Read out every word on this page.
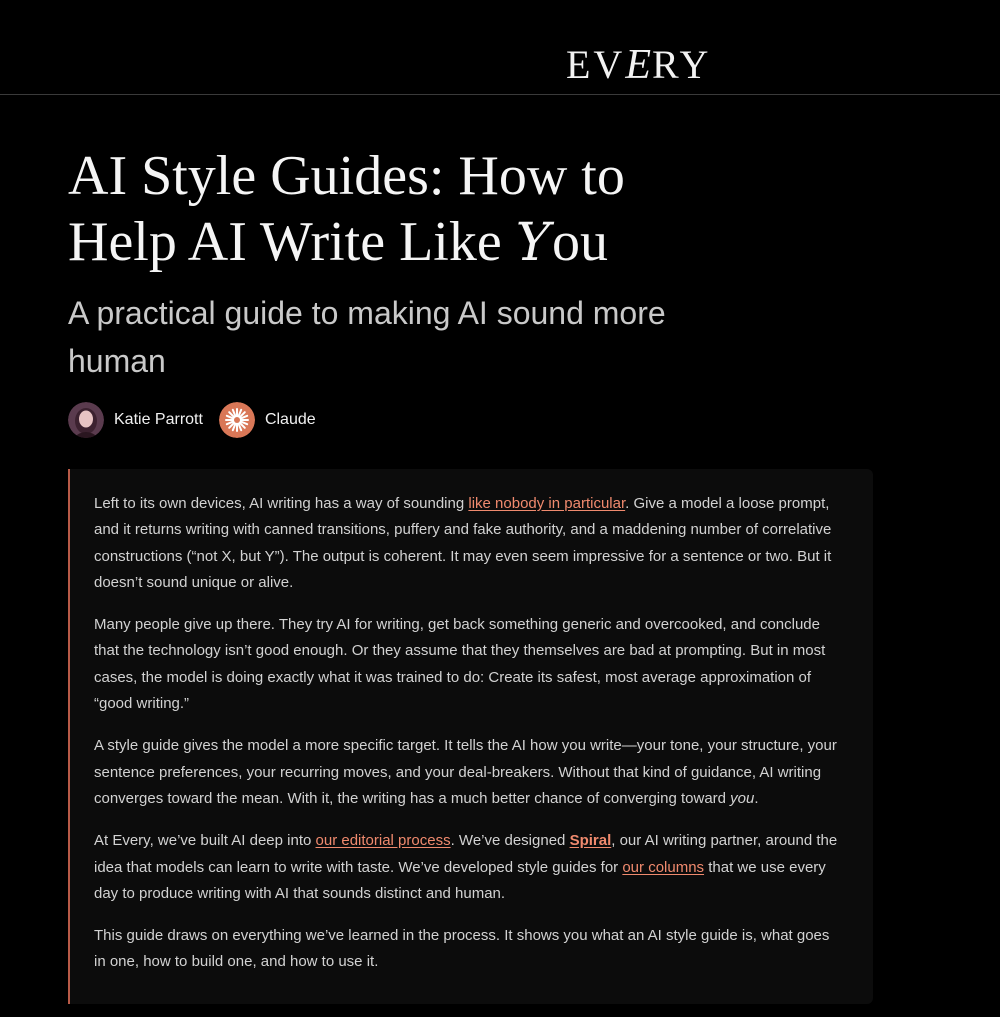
EVERY
AI Style Guides: How to
Help AI Write Like You
A practical guide to making AI sound more human
Katie Parrott	Claude

Left to its own devices, AI writing has a way of sounding like nobody in particular. Give a model a loose prompt, and it returns writing with canned transitions, puffery and fake authority, and a maddening number of correlative constructions (“not X, but Y”). The output is coherent. It may even seem impressive for a sentence or two. But it doesn’t sound unique or alive.

Many people give up there. They try AI for writing, get back something generic and overcooked, and conclude that the technology isn’t good enough. Or they assume that they themselves are bad at prompting. But in most cases, the model is doing exactly what it was trained to do: Create its safest, most average approximation of “good writing.”

A style guide gives the model a more specific target. It tells the AI how you write—your tone, your structure, your sentence preferences, your recurring moves, and your deal-breakers. Without that kind of guidance, AI writing converges toward the mean. With it, the writing has a much better chance of converging toward you.

At Every, we’ve built AI deep into our editorial process. We’ve designed Spiral, our AI writing partner, around the idea that models can learn to write with taste. We’ve developed style guides for our columns that we use every day to produce writing with AI that sounds distinct and human.

This guide draws on everything we’ve learned in the process. It shows you what an AI style guide is, what goes in one, how to build one, and how to use it.
